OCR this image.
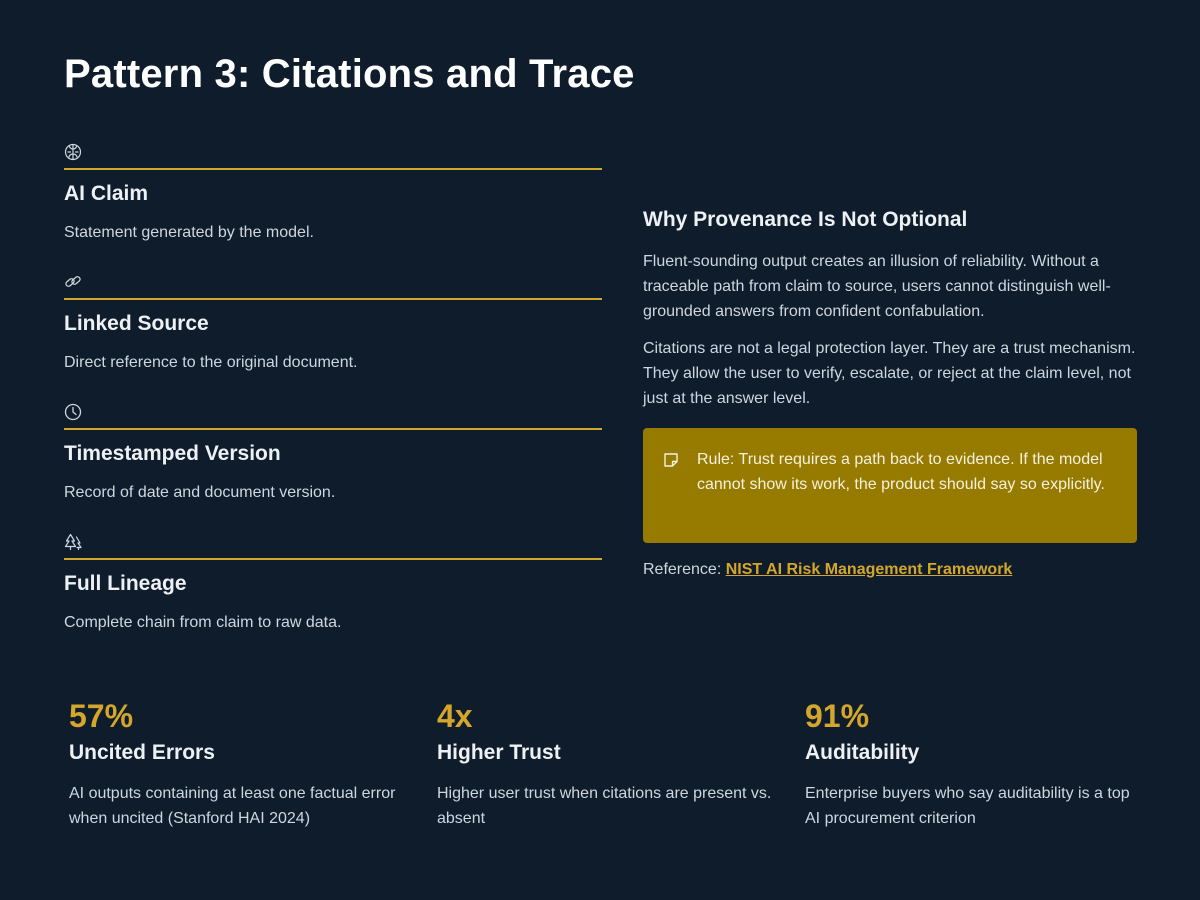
Pattern 3: Citations and Trace
AI Claim
Statement generated by the model.
Linked Source
Direct reference to the original document.
Timestamped Version
Record of date and document version.
Full Lineage
Complete chain from claim to raw data.
Why Provenance Is Not Optional

Fluent-sounding output creates an illusion of reliability. Without a traceable path from claim to source, users cannot distinguish well-grounded answers from confident confabulation.

Citations are not a legal protection layer. They are a trust mechanism. They allow the user to verify, escalate, or reject at the claim level, not just at the answer level.

Rule: Trust requires a path back to evidence. If the model cannot show its work, the product should say so explicitly.
Reference: NIST AI Risk Management Framework
57%
Uncited Errors
AI outputs containing at least one factual error when uncited (Stanford HAI 2024)
4x
Higher Trust
Higher user trust when citations are present vs. absent
91%
Auditability
Enterprise buyers who say auditability is a top AI procurement criterion
